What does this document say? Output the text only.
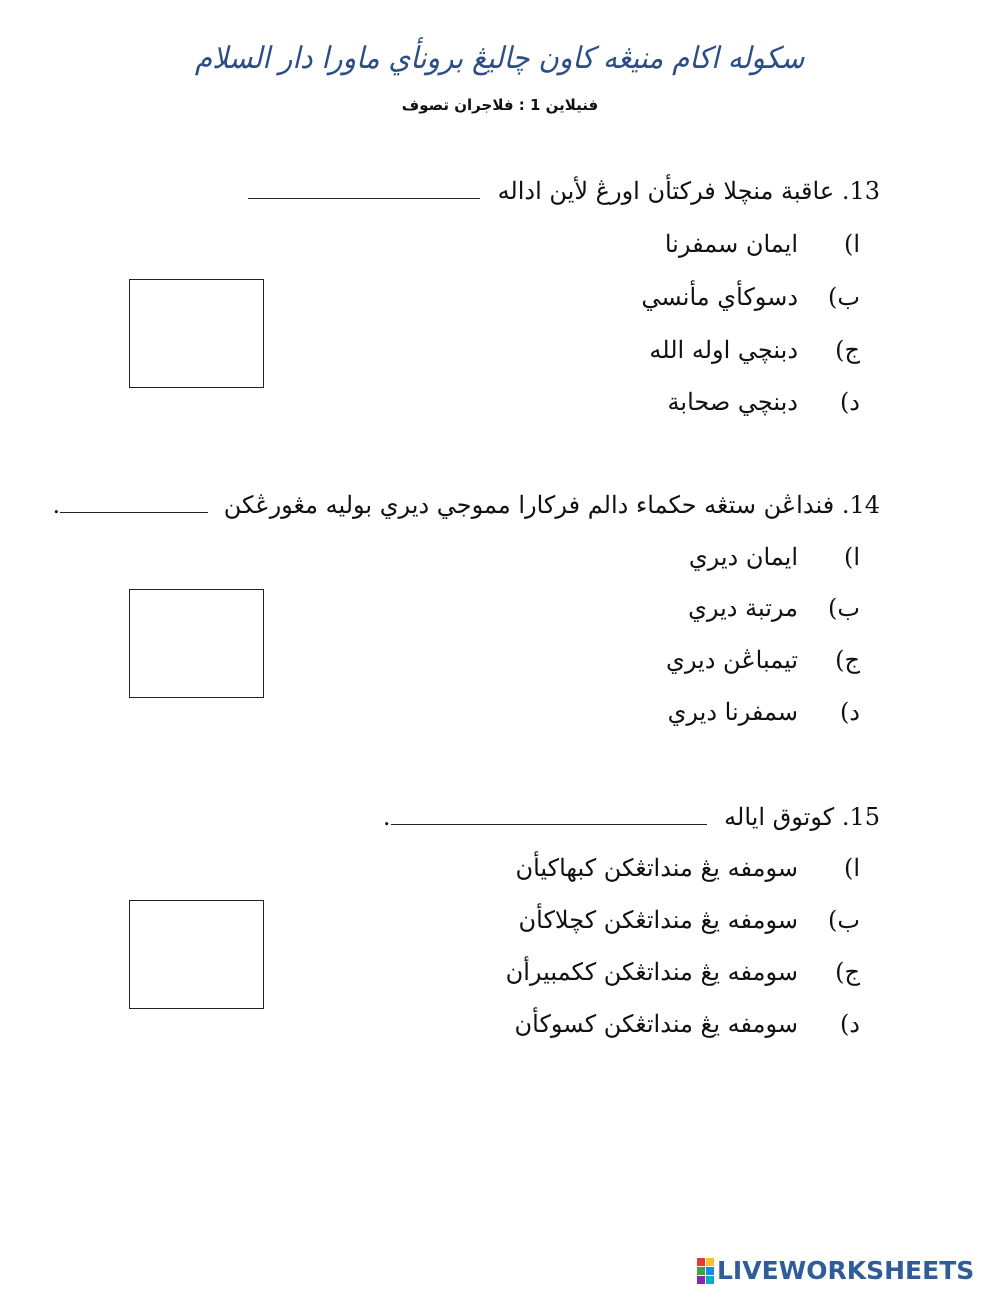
سكوله اكام منيڠه كاون چاليڠ برونأي ماورا دار السلام
فنيلاين 1 : فلاجران تصوف
13. عاقبة منچلا فركتأن اورڠ لأين اداله
ا)
ايمان سمفرنا
ب)
دسوكأي مأنسي
ج)
دبنچي اوله الله
د)
دبنچي صحابة
14. فنداڠن ستڠه حكماء دالم فركارا مموجي ديري بوليه مڠورڠكن .
ا)
ايمان ديري
ب)
مرتبة ديري
ج)
تيمباڠن ديري
د)
سمفرنا ديري
15. كوتوق اياله .
ا)
سومفه يڠ منداتڠكن كبهاكيأن
ب)
سومفه يڠ منداتڠكن كچلاكأن
ج)
سومفه يڠ منداتڠكن ككمبيرأن
د)
سومفه يڠ منداتڠكن كسوكأن
LIVEWORKSHEETS
